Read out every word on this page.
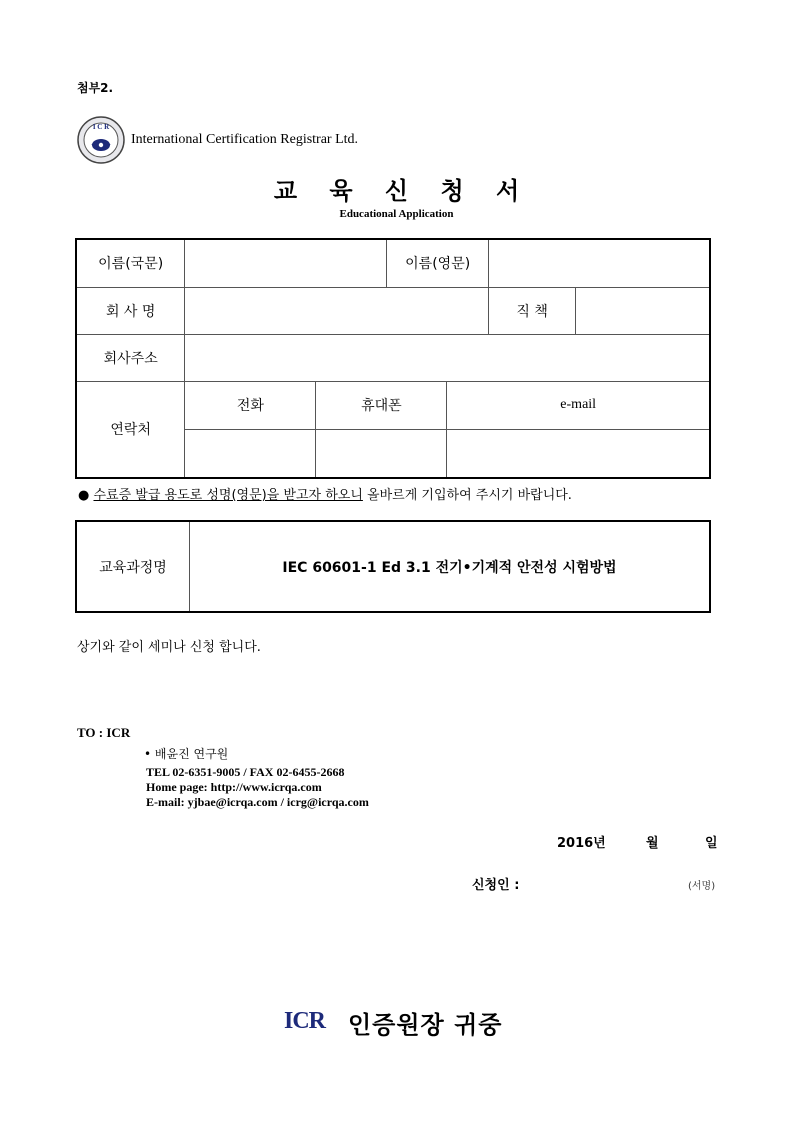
첨부2.
I C R
International Certification Registrar Ltd.
교 육 신 청 서
Educational Application
이름(국문)		이름(영문)	
회 사 명		직 책	
회사주소	
연락처	
전화	휴대폰	e-mail

● 수료증 발급 용도로 성명(영문)을 받고자 하오니 올바르게 기입하여 주시기 바랍니다.
교육과정명	IEC 60601-1 Ed 3.1 전기•기계적 안전성 시험방법
상기와 같이 세미나 신청 합니다.
TO : ICR
• 배윤진 연구원
TEL 02-6351-9005 / FAX 02-6455-2668
Home page: http://www.icrqa.com
E-mail: yjbae@icrqa.com / icrg@icrqa.com
2016년	월	일
신청인 :	(서명)
ICR 인증원장 귀중
